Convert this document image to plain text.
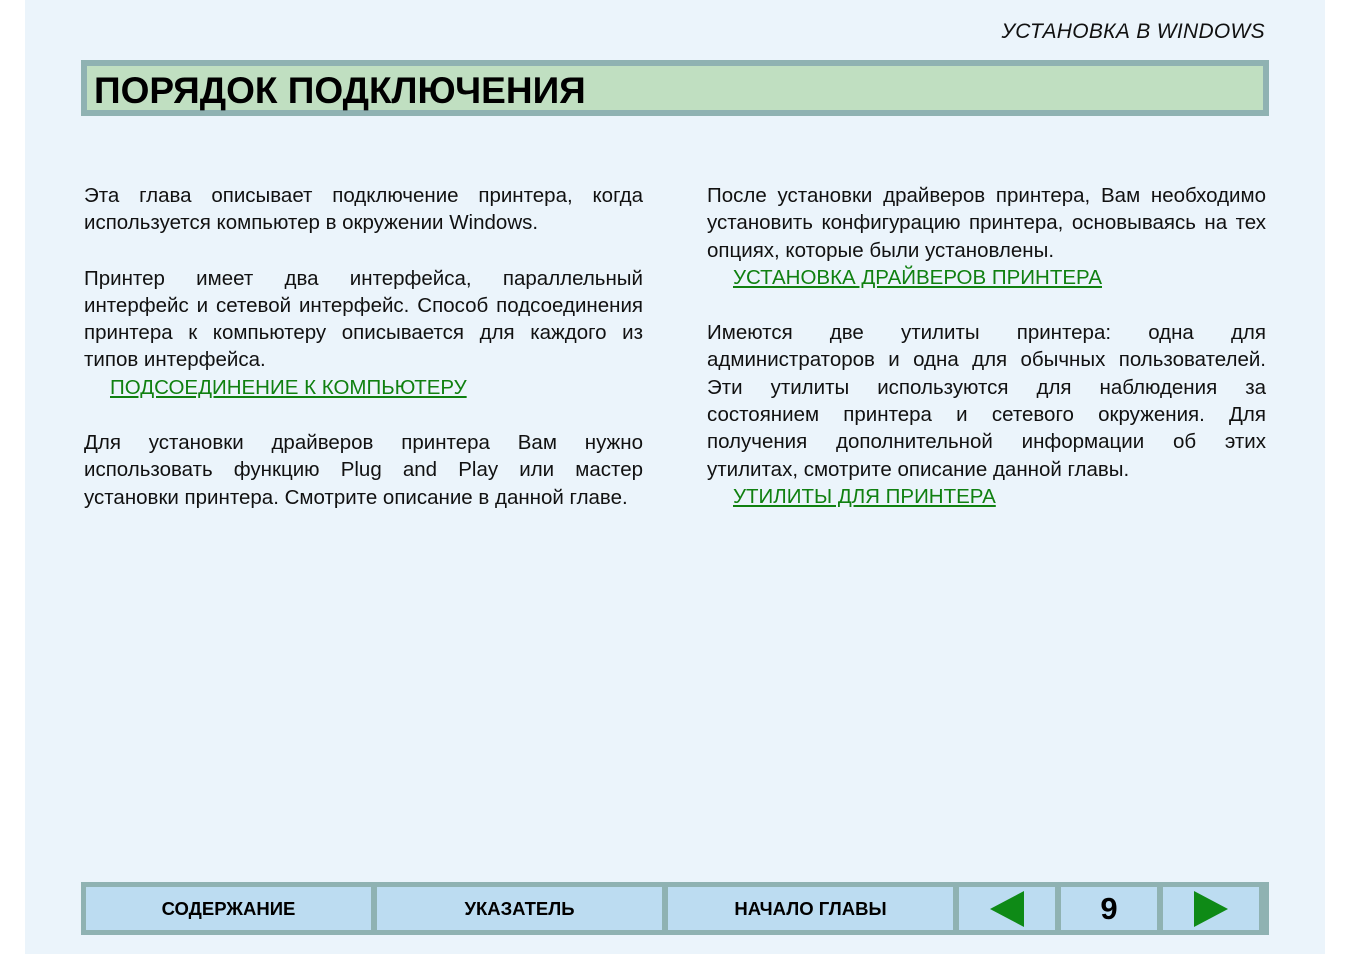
УСТАНОВКА В WINDOWS
ПОРЯДОК ПОДКЛЮЧЕНИЯ

Эта глава описывает подключение принтера, когда используется компьютер в окружении Windows.

Принтер имеет два интерфейса, параллельный интерфейс и сетевой интерфейс. Способ подсоединения принтера к компьютеру описывается для каждого из типов интерфейса.

ПОДСОЕДИНЕНИЕ К КОМПЬЮТЕРУ

Для установки драйверов принтера Вам нужно использовать функцию Plug and Play или мастер установки принтера. Смотрите описание в данной главе.

После установки драйверов принтера, Вам необходимо установить конфигурацию принтера, основываясь на тех опциях, которые были установлены.

УСТАНОВКА ДРАЙВЕРОВ ПРИНТЕРА

Имеются две утилиты принтера: одна для администраторов и одна для обычных пользователей. Эти утилиты используются для наблюдения за состоянием принтера и сетевого окружения. Для получения дополнительной информации об этих утилитах, смотрите описание данной главы.

УТИЛИТЫ ДЛЯ ПРИНТЕРА
СОДЕРЖАНИЕ	УКАЗАТЕЛЬ	НАЧАЛО ГЛАВЫ	9
